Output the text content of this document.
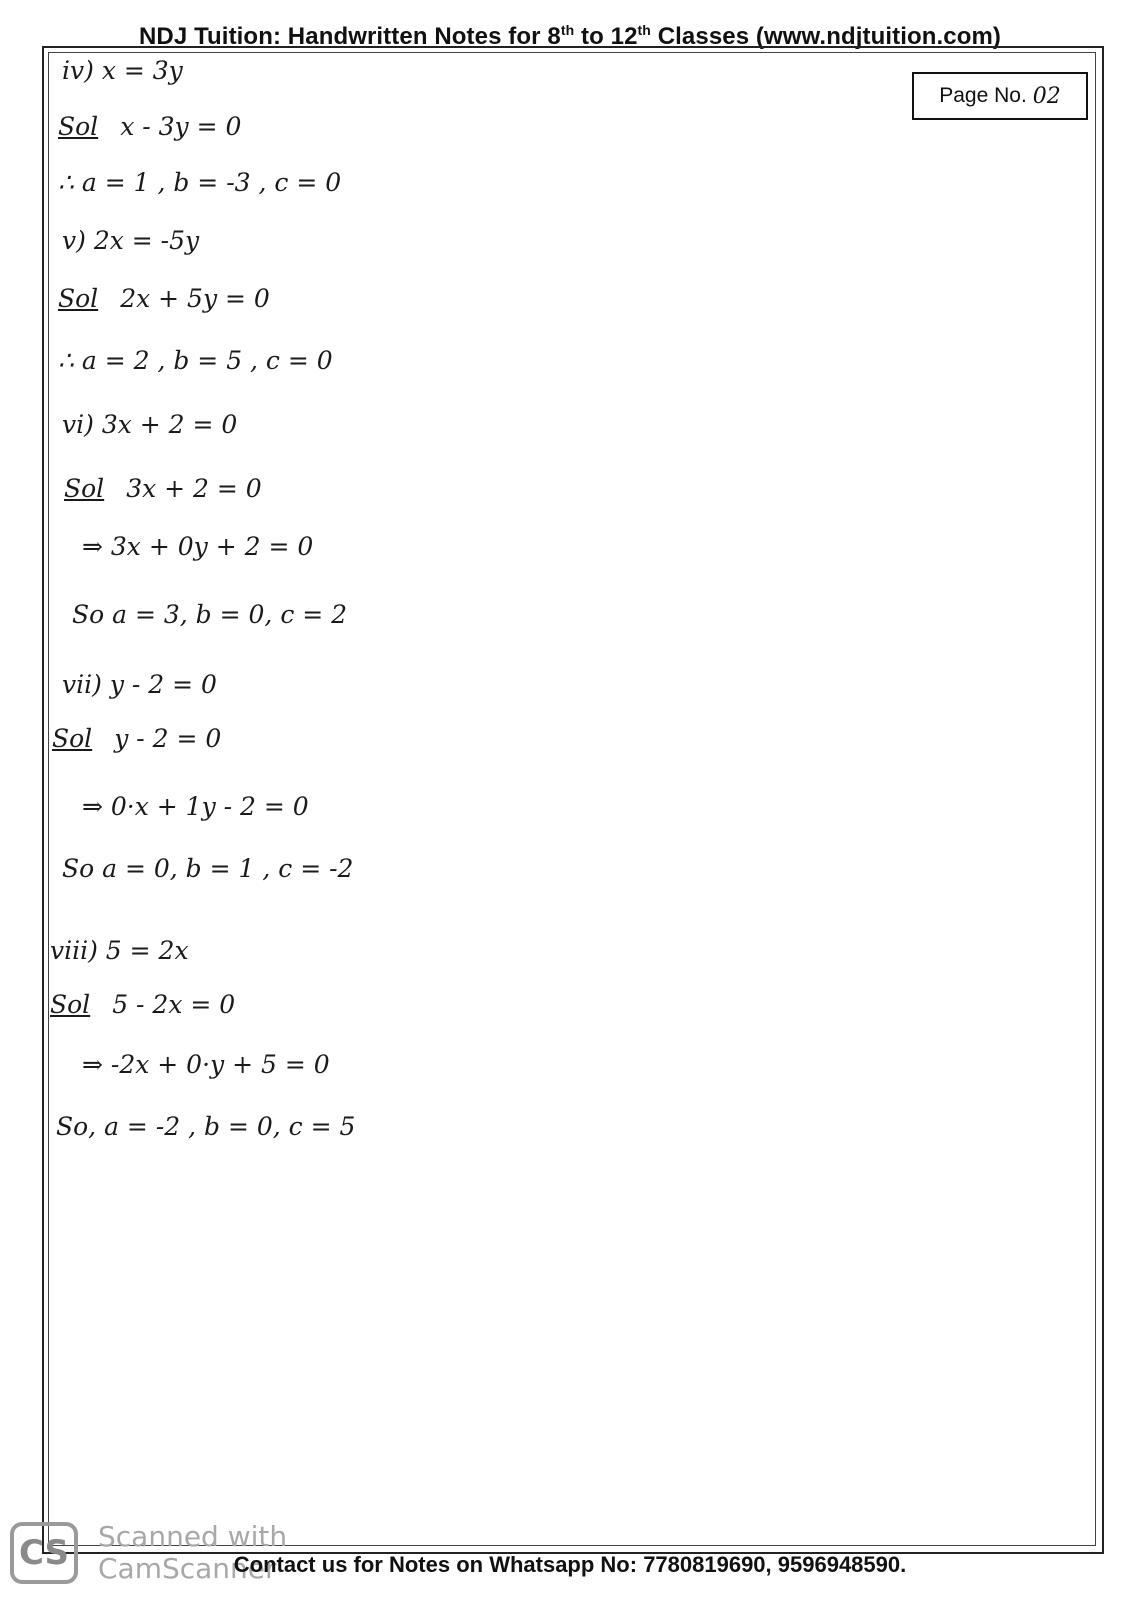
NDJ Tuition: Handwritten Notes for 8th to 12th Classes (www.ndjtuition.com)
Page No. 02
iv) x = 3y
Sol x - 3y = 0
∴ a = 1 , b = -3 , c = 0
v) 2x = -5y
Sol 2x + 5y = 0
∴ a = 2 , b = 5 , c = 0
vi) 3x + 2 = 0
Sol 3x + 2 = 0
⇒ 3x + 0y + 2 = 0
So a = 3, b = 0, c = 2
vii) y - 2 = 0
Sol y - 2 = 0
⇒ 0·x + 1y - 2 = 0
So a = 0, b = 1 , c = -2
viii) 5 = 2x
Sol 5 - 2x = 0
⇒ -2x + 0·y + 5 = 0
So, a = -2 , b = 0, c = 5
CS	Scanned with
CamScanner
Contact us for Notes on Whatsapp No: 7780819690, 9596948590.
